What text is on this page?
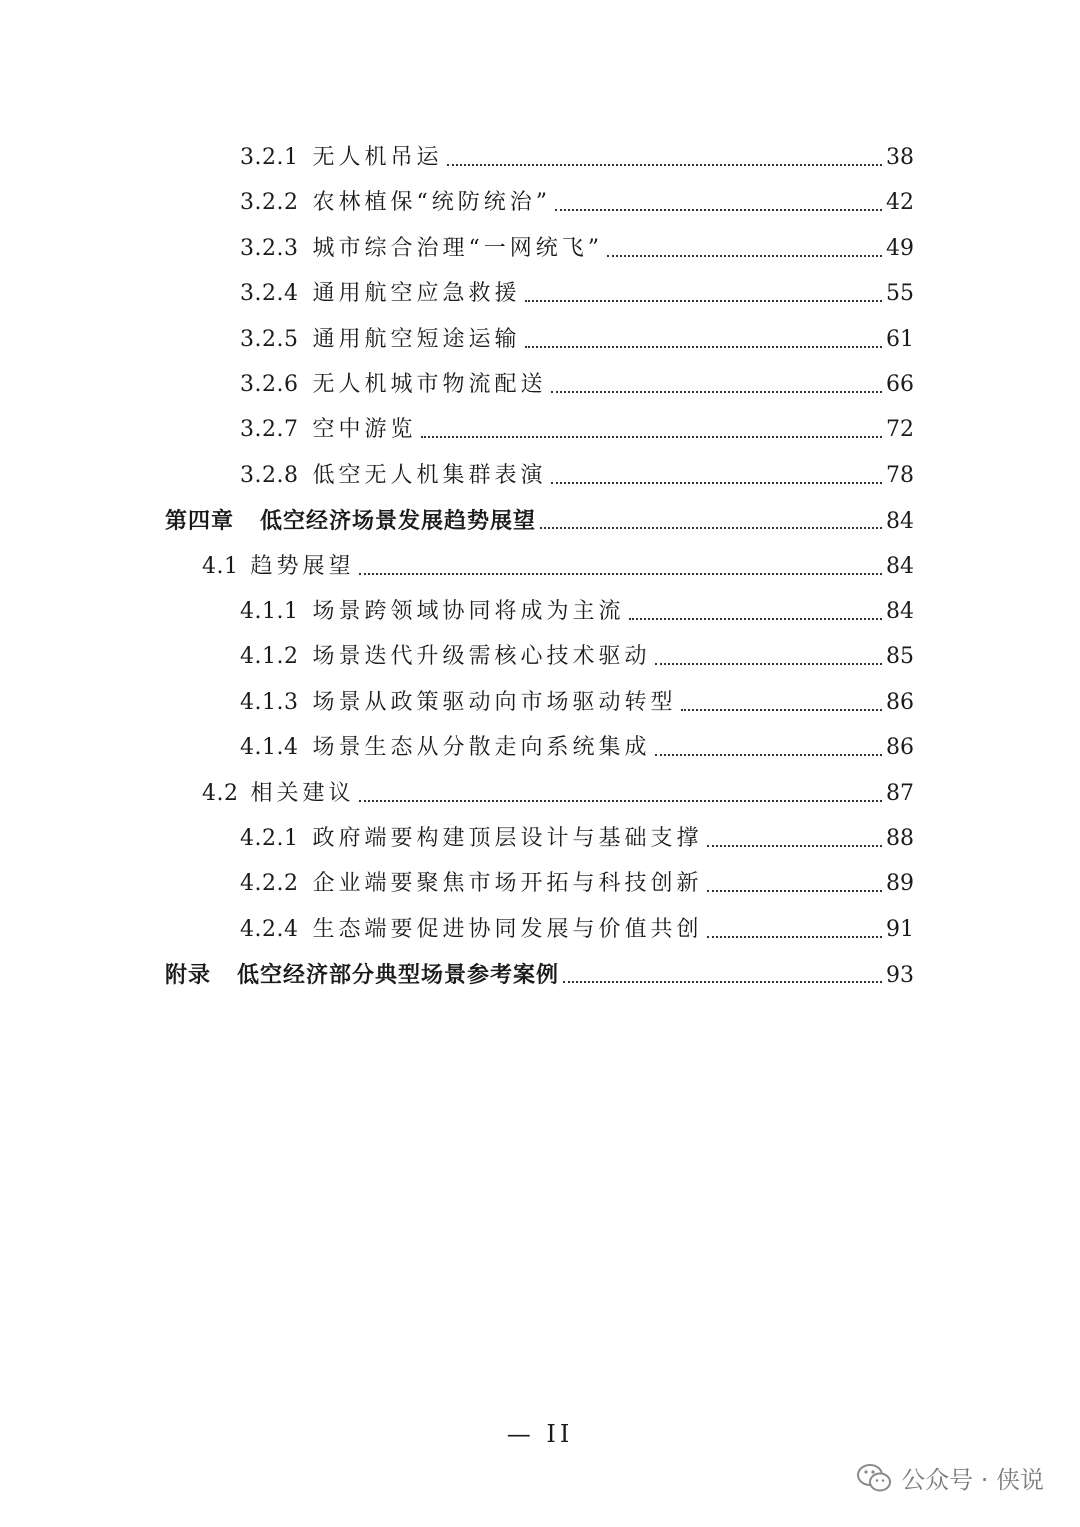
3.2.1 无人机吊运	38
3.2.2 农林植保“统防统治”	42
3.2.3 城市综合治理“一网统飞”	49
3.2.4 通用航空应急救援	55
3.2.5 通用航空短途运输	61
3.2.6 无人机城市物流配送	66
3.2.7 空中游览	72
3.2.8 低空无人机集群表演	78
第四章 低空经济场景发展趋势展望	84
4.1 趋势展望	84
4.1.1 场景跨领域协同将成为主流	84
4.1.2 场景迭代升级需核心技术驱动	85
4.1.3 场景从政策驱动向市场驱动转型	86
4.1.4 场景生态从分散走向系统集成	86
4.2 相关建议	87
4.2.1 政府端要构建顶层设计与基础支撑	88
4.2.2 企业端要聚焦市场开拓与科技创新	89
4.2.4 生态端要促进协同发展与价值共创	91
附录 低空经济部分典型场景参考案例	93
— II
公众号 · 侠说
